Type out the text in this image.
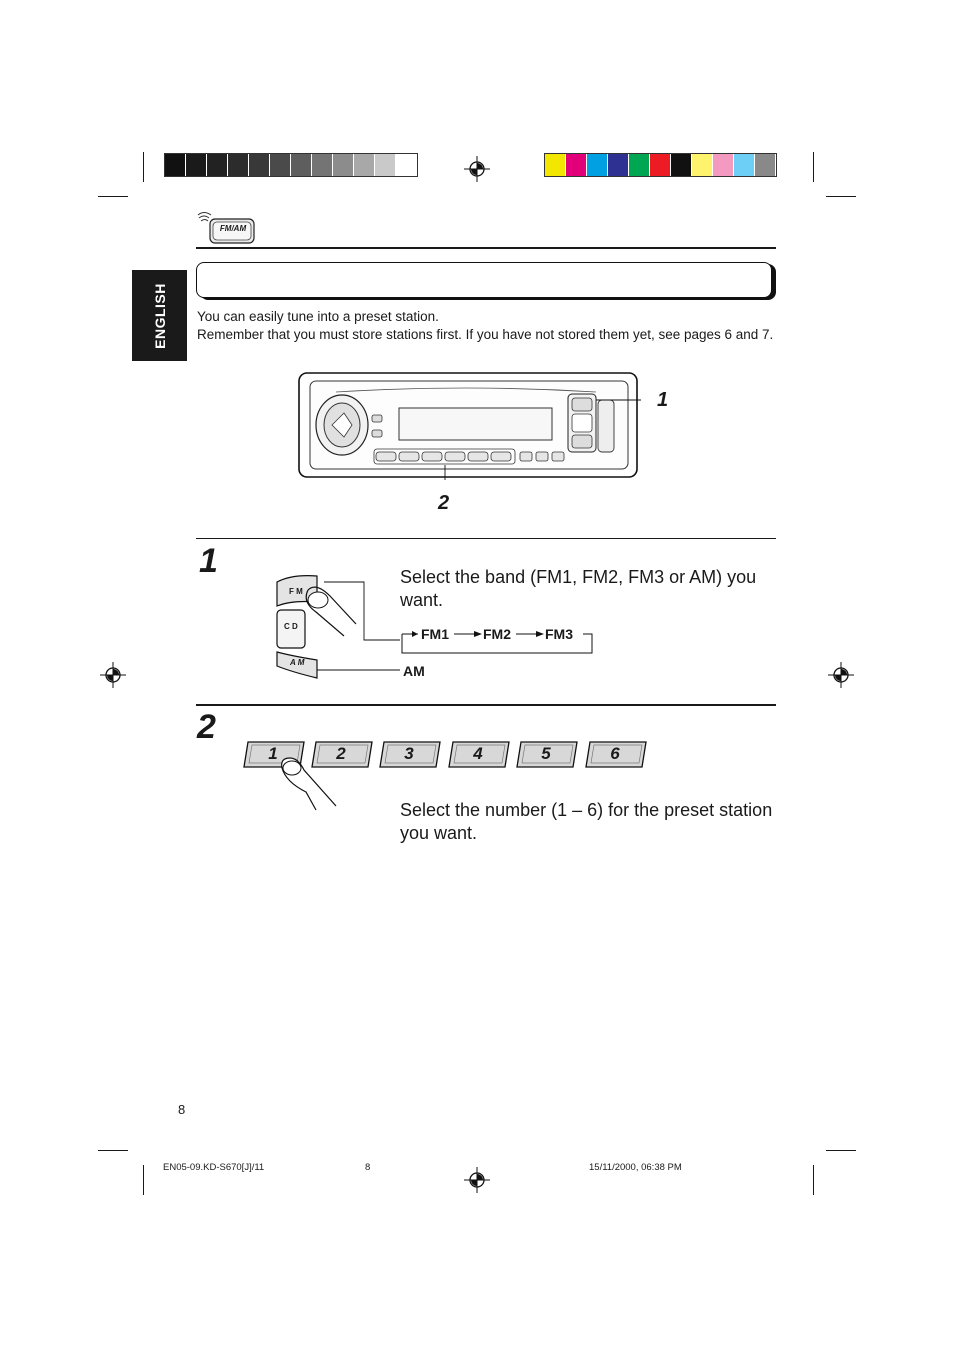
ENGLISH
FM/AM
You can easily tune into a preset station.
Remember that you must store stations first. If you have not stored them yet, see pages 6 and 7.
1
2
1	Select the band (FM1, FM2, FM3 or AM) you want.
F M
C D
A M
FM1 FM2 FM3
AM
2
1	2	3	4	5	6
Select the number (1 – 6) for the preset station you want.
8
EN05-09.KD-S670[J]/11	8	15/11/2000, 06:38 PM
